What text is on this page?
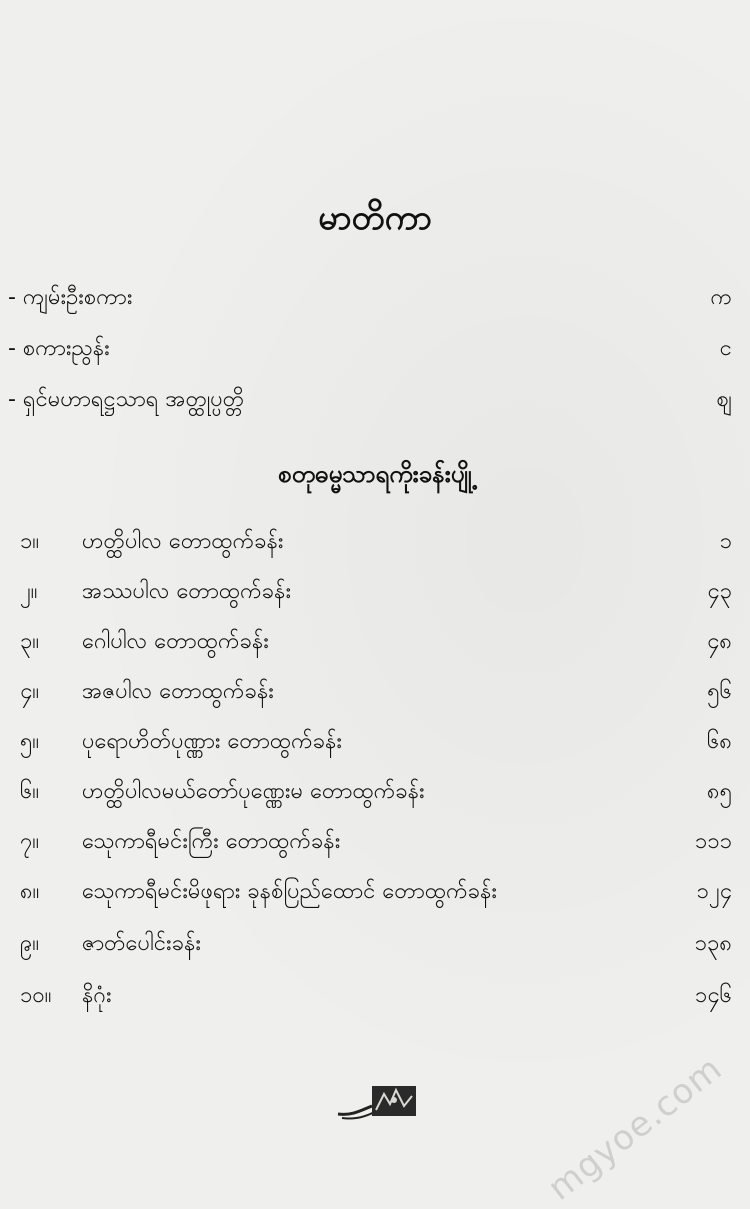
မာတိကာ
- ကျမ်းဦးစကား	က
- စကားညွန်း	င
- ရှင်မဟာရဋ္ဌသာရ အတ္ထုပ္ပတ္တိ	ဈ
စတုဓမ္မသာရကိုးခန်းပျို့
၁။	ဟတ္ထိပါလ တောထွက်ခန်း	၁
၂။	အဿပါလ တောထွက်ခန်း	၄၃
၃။	ဂေါပါလ တောထွက်ခန်း	၄၈
၄။	အဇပါလ တောထွက်ခန်း	၅၆
၅။	ပုရောဟိတ်ပုဏ္ဏား တောထွက်ခန်း	၆၈
၆။	ဟတ္ထိပါလမယ်တော်ပုဏ္ဏေးမ တောထွက်ခန်း	၈၅
၇။	သေုကာရီမင်းကြီး တောထွက်ခန်း	၁၁၁
၈။	သေုကာရီမင်းမိဖုရား ခုနစ်ပြည်ထောင် တောထွက်ခန်း	၁၂၄
၉။	ဇာတ်ပေါင်းခန်း	၁၃၈
၁၀။	နိဂုံး	၁၄၆
mgyoe.com
